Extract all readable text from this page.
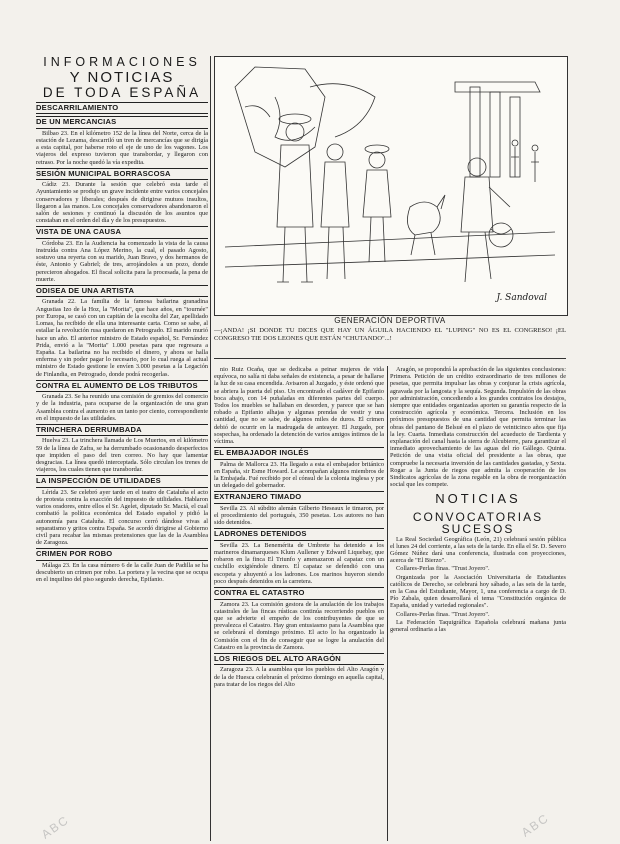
ABC	ABC
INFORMACIONES
Y NOTICIAS
DE TODA ESPAÑA
DESCARRILAMIENTO
DE UN MERCANCIAS

Bilbao 23. En el kilómetro 152 de la línea del Norte, cerca de la estación de Lezama, descarriló un tren de mercancías que se dirigía a esta capital, por haberse roto el eje de uno de los vagones. Los viajeros del expreso tuvieron que transbordar, y llegaron con retraso. Por la noche quedó la vía expedita.

SESIÓN MUNICIPAL BORRASCOSA

Cádiz 23. Durante la sesión que celebró esta tarde el Ayuntamiento se produjo un grave incidente entre varios concejales conservadores y liberales; después de dirigirse mutuos insultos, llegaron a las manos. Los concejales conservadores abandonaron el salón de sesiones y continuó la discusión de los asuntos que constaban en el orden del día y de los presupuestos.

VISTA DE UNA CAUSA

Córdoba 23. En la Audiencia ha comenzado la vista de la causa instruída contra Ana López Merino, la cual, el pasado Agosto, sostuvo una reyerta con su marido, Juan Bravo, y dos hermanos de éste, Antonio y Gabriel; de tres, arrojándoles a un pozo, donde perecieron ahogados. El fiscal solicita para la procesada, la pena de muerte.

ODISEA DE UNA ARTISTA

Granada 22. La familia de la famosa bailarina granadina Angustias Izo de la Hoz, la "Morita", que hace años, en "tournée" por Europa, se casó con un capitán de la escolta del Zar, apellidado Lomas, ha recibido de ella una interesante carta. Como se sabe, al estallar la revolución rusa quedaron en Petrogrado. El marido murió hace un año. El anterior ministro de Estado español, Sr. Fernández Prida, envió a la "Morita" 1.000 pesetas para que regresara a España. La bailarina no ha recibido el dinero, y ahora se halla enferma y sin poder pagar lo necesario, por lo cual ruega al actual ministro de Estado gestione le envíen 3.000 pesetas a la Legación de Finlandia, en Petrogrado, donde podrá recogerlas.

CONTRA EL AUMENTO DE LOS TRIBUTOS

Granada 23. Se ha reunido una comisión de gremios del comercio y de la industria, para ocuparse de la organización de una gran Asamblea contra el aumento en un tanto por ciento, correspondiente en el impuesto de las utilidades.

TRINCHERA DERRUMBADA

Huelva 23. La trinchera llamada de Los Muertos, en el kilómetro 59 de la línea de Zafra, se ha derrumbado ocasionando desperfectos que impiden el paso del tren correo. No hay que lamentar desgracias. La línea quedó interceptada. Sólo circulan los trenes de viajeros, los cuales tienen que transbordar.

LA INSPECCIÓN DE UTILIDADES

Lérida 23. Se celebró ayer tarde en el teatro de Cataluña el acto de protesta contra la exacción del impuesto de utilidades. Hablaron varios oradores, entre ellos el Sr. Agelet, diputado Sr. Maciá, el cual combatió la política económica del Estado español y pidió la autonomía para Cataluña. El concurso cerró dándose vivas al separatismo y gritos contra España. Se acordó dirigirse al Gobierno civil para recabar las mismas pretensiones que las de la Asamblea de Zaragoza.

CRIMEN POR ROBO

Málaga 23. En la casa número 6 de la calle Juan de Padilla se ha descubierto un crimen por robo. La portera y la vecina que se ocupa en el inquilino del piso segundo derecha, Epifanio.

J. Sandoval
GENERACIÓN DEPORTIVA
—¡ANDA! ¡SI DONDE TU DICES QUE HAY UN ÁGUILA HACIENDO EL "LUPING" NO ES EL CONGRESO! ¡EL CONGRESO TIE DOS LEONES QUE ESTÁN "CHUTANDO"...!

nio Ruiz Ocaña, que se dedicaba a peinar mujeres de vida equívoca, no salía ni daba señales de existencia, a pesar de hallarse la luz de su casa encendida. Avisaron al Juzgado, y éste ordenó que se abriera la puerta del piso. Un encontrado el cadáver de Epifanio boca abajo, con 14 puñaladas en diferentes partes del cuerpo. Todos los muebles se hallaban en desorden, y parece que se han robado a Epifanio alhajas y algunas prendas de vestir y una cantidad, que no se sabe, de algunos miles de duros. El crimen debió de ocurrir en la madrugada de anteayer. El Juzgado, por sospechas, ha ordenado la detención de varios amigos íntimos de la víctima.

EL EMBAJADOR INGLÉS

Palma de Mallorca 23. Ha llegado a esta el embajador británico en España, sir Esme Howard. Le acompañan algunos miembros de la Embajada. Fué recibido por el cónsul de la colonia inglesa y por un delegado del gobernador.

EXTRANJERO TIMADO

Sevilla 23. Al súbdito alemán Gilberto Heseaux le timaron, por el procedimiento del portugués, 350 pesetas. Los autores no han sido detenidos.

LADRONES DETENIDOS

Sevilla 23. La Benemérita de Umbrete ha detenido a los marineros dinamarqueses Klum Aullener y Edward Liquebay, que robaron en la finca El Triunfo y amenazaron al capataz con un cuchillo exigiéndole dinero. El capataz se defendió con una escopeta y ahuyentó a los ladrones. Los marinos huyeron siendo poco después detenidos en la carretera.

CONTRA EL CATASTRO

Zamora 23. La comisión gestora de la anulación de los trabajos catastrales de las fincas rústicas continúa recorriendo pueblos en que se advierte el empeño de los contribuyentes de que se prevalezca el Catastro. Hay gran entusiasmo para la Asamblea que se celebrará el domingo próximo. El acto lo ha organizado la Comisión con el fin de conseguir que se logre la anulación del Catastro en la provincia de Zamora.

LOS RIEGOS DEL ALTO ARAGÓN

Zaragoza 23. A la asamblea que los pueblos del Alto Aragón y de la de Huesca celebrarán el próximo domingo en aquella capital, para tratar de los riegos del Alto

Aragón, se propondrá la aprobación de las siguientes conclusiones: Primera. Petición de un crédito extraordinario de tres millones de pesetas, que permita impulsar las obras y conjurar la crisis agrícola, agravada por la langosta y la sequía. Segunda. Impulsión de las obras por administración, concediendo a los grandes contratos los destajos, siempre que entidades organizadas aporten su garantía respecto de la construcción agrícola y económica. Tercera. Inclusión en los próximos presupuestos de una cantidad que permita terminar las obras del pantano de Belsué en el plazo de veinticinco años que fija la ley. Cuarta. Inmediata construcción del acueducto de Tardienta y explanación del canal hasta la sierra de Alcubierre, para garantizar el inmediato aprovechamiento de las aguas del río Gállego. Quinta. Petición de una visita oficial del presidente a las obras, que compruebe la necesaria inversión de las cantidades gastadas, y Sexta. Rogar a la Junta de riegos que admita la cooperación de los Sindicatos agrícolas de la zona regable en la obra de reorganización social que les compete.

NOTICIAS
CONVOCATORIAS
SUCESOS

La Real Sociedad Geográfica (León, 21) celebrará sesión pública el lunes 24 del corriente, a las seis de la tarde. En ella el Sr. D. Severo Gómez Núñez dará una conferencia, ilustrada con proyecciones, acerca de "El Bierzo".

Collares-Perlas finas. "Trust Joyero".

Organizada por la Asociación Universitaria de Estudiantes católicos de Derecho, se celebrará hoy sábado, a las seis de la tarde, en la Casa del Estudiante, Mayor, 1, una conferencia a cargo de D. Pío Zabala, quien desarrollará el tema "Constitución orgánica de España, unidad y variedad regionales".

Collares-Perlas finas. "Trust Joyero".

La Federación Taquigráfica Española celebrará mañana junta general ordinaria a las
